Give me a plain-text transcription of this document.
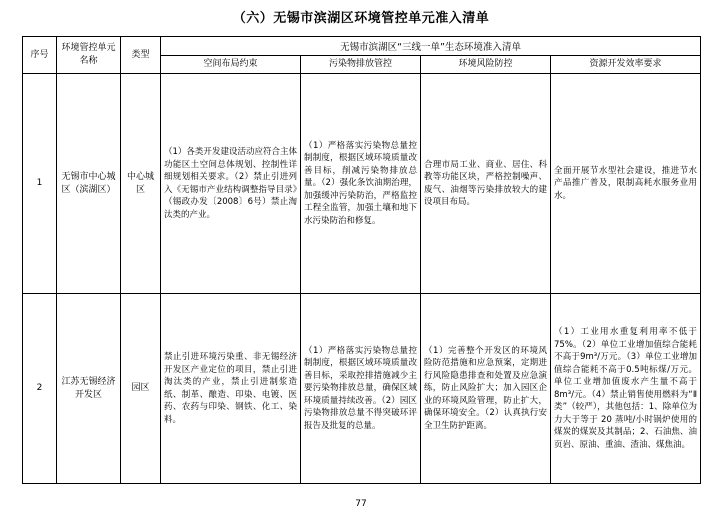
（六）无锡市滨湖区环境管控单元准入清单
序号	环境管控单元名称	类型	无锡市滨湖区“三线一单”生态环境准入清单			
			空间布局约束	污染物排放管控	环境风险防控	资源开发效率要求
1	无锡市中心城区（滨湖区）	中心城区	（1）各类开发建设活动应符合主体功能区土空间总体规划、控制性详细规划相关要求。（2）禁止引进列入《无锡市产业结构调整指导目录》（锡政办发〔2008〕6号）禁止淘汰类的产业。	（1）严格落实污染物总量控制制度，根据区域环境质量改善目标，削减污染物排放总量。（2）强化条饮油期治理，加强缓冲污染防治，严格监控工程全监管，加强土壤和地下水污染防治和修复。	合理市局工业、商业、居住、科教等功能区块，严格控制噪声、废气、油烟等污染排放较大的建设项目布局。	全面开展节水型社会建设，推进节水产品推广普及，限制高耗水服务业用水。
2	江苏无锡经济开发区	园区	禁止引进环境污染重、非无锡经济开发区产业定位的项目，禁止引进淘汰类的产业，禁止引进制浆造纸、制革、酿造、印染、电镀、医药、农药与印染、钢铁、化工、染料。	（1）严格落实污染物总量控制制度，根据区域环境质量改善目标，采取控排措施减少主要污染物排放总量，确保区域环境质量持续改善。（2）园区污染物排放总量不得突破环评报告及批复的总量。	（1）完善整个开发区的环境风险防范措施和应急预案，定期进行风险隐患排查和处置及应急演练，防止风险扩大；加入园区企业的环境风险管理，防止扩大，确保环境安全。（2）认真执行安全卫生防护距离。	（1）工业用水重复利用率不低于75%。（2）单位工业增加值综合能耗不高于9m³/万元。（3）单位工业增加值综合能耗不高于0.5吨标煤/万元。单位工业增加值废水产生量不高于8m³/元。（4）禁止销售使用燃料为“Ⅱ类”（较严），其他包括：1、除单位为力大于等于 20 蒸吨/小时锅炉使用的煤炭的煤炭及其制品；2、石油焦、油页岩、原油、重油、渣油、煤焦油。
77
